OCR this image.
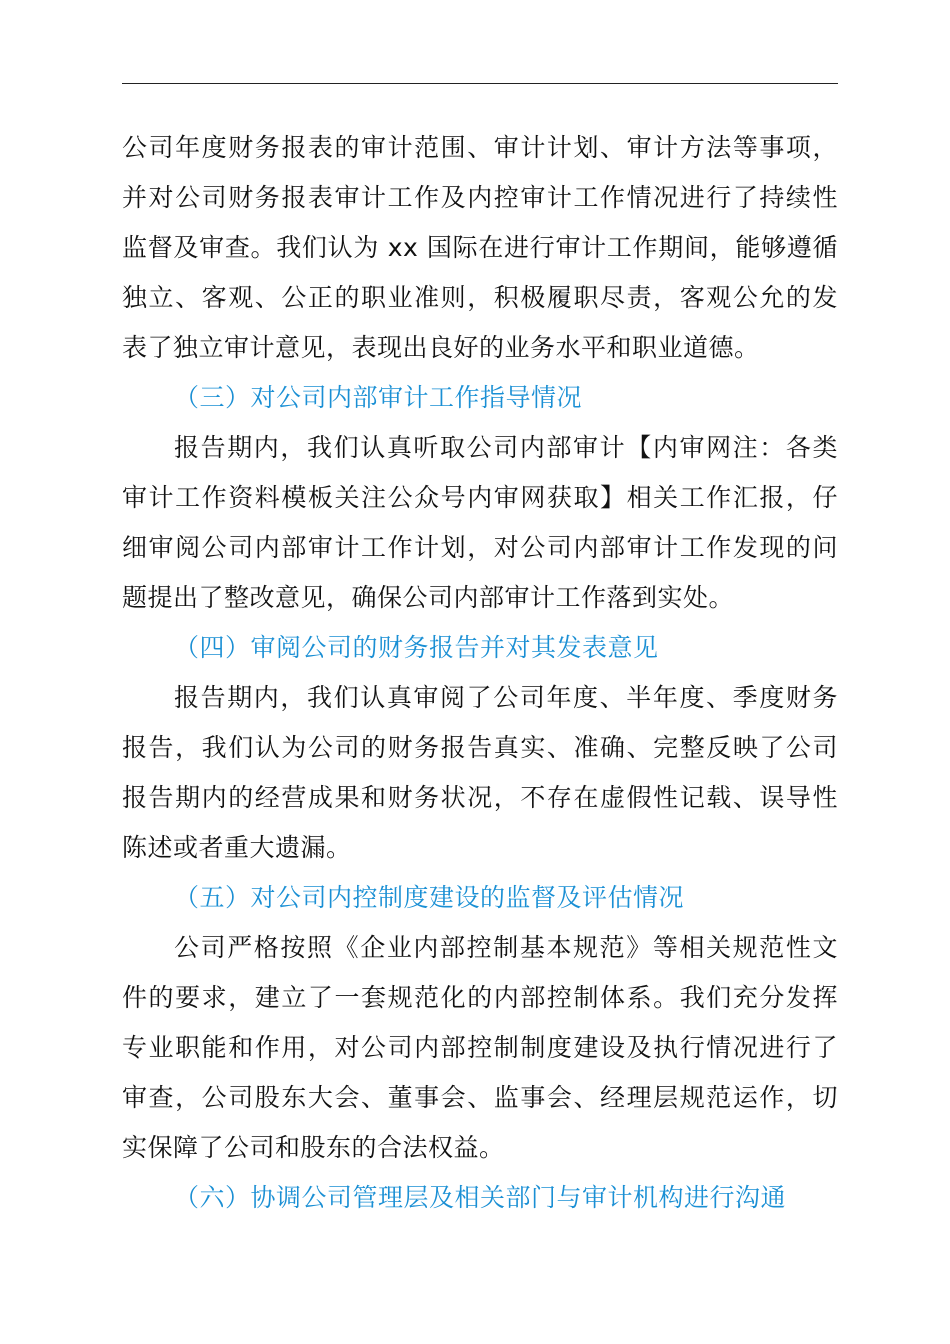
公司年度财务报表的审计范围、审计计划、审计方法等事项，
并对公司财务报表审计工作及内控审计工作情况进行了持续性
监督及审查。我们认为 xx 国际在进行审计工作期间，能够遵循
独立、客观、公正的职业准则，积极履职尽责，客观公允的发
表了独立审计意见，表现出良好的业务水平和职业道德。
（三）对公司内部审计工作指导情况
报告期内，我们认真听取公司内部审计【内审网注：各类
审计工作资料模板关注公众号内审网获取】相关工作汇报，仔
细审阅公司内部审计工作计划，对公司内部审计工作发现的问
题提出了整改意见，确保公司内部审计工作落到实处。
（四）审阅公司的财务报告并对其发表意见
报告期内，我们认真审阅了公司年度、半年度、季度财务
报告，我们认为公司的财务报告真实、准确、完整反映了公司
报告期内的经营成果和财务状况，不存在虚假性记载、误导性
陈述或者重大遗漏。
（五）对公司内控制度建设的监督及评估情况
公司严格按照《企业内部控制基本规范》等相关规范性文
件的要求，建立了一套规范化的内部控制体系。我们充分发挥
专业职能和作用，对公司内部控制制度建设及执行情况进行了
审查，公司股东大会、董事会、监事会、经理层规范运作，切
实保障了公司和股东的合法权益。
（六）协调公司管理层及相关部门与审计机构进行沟通
